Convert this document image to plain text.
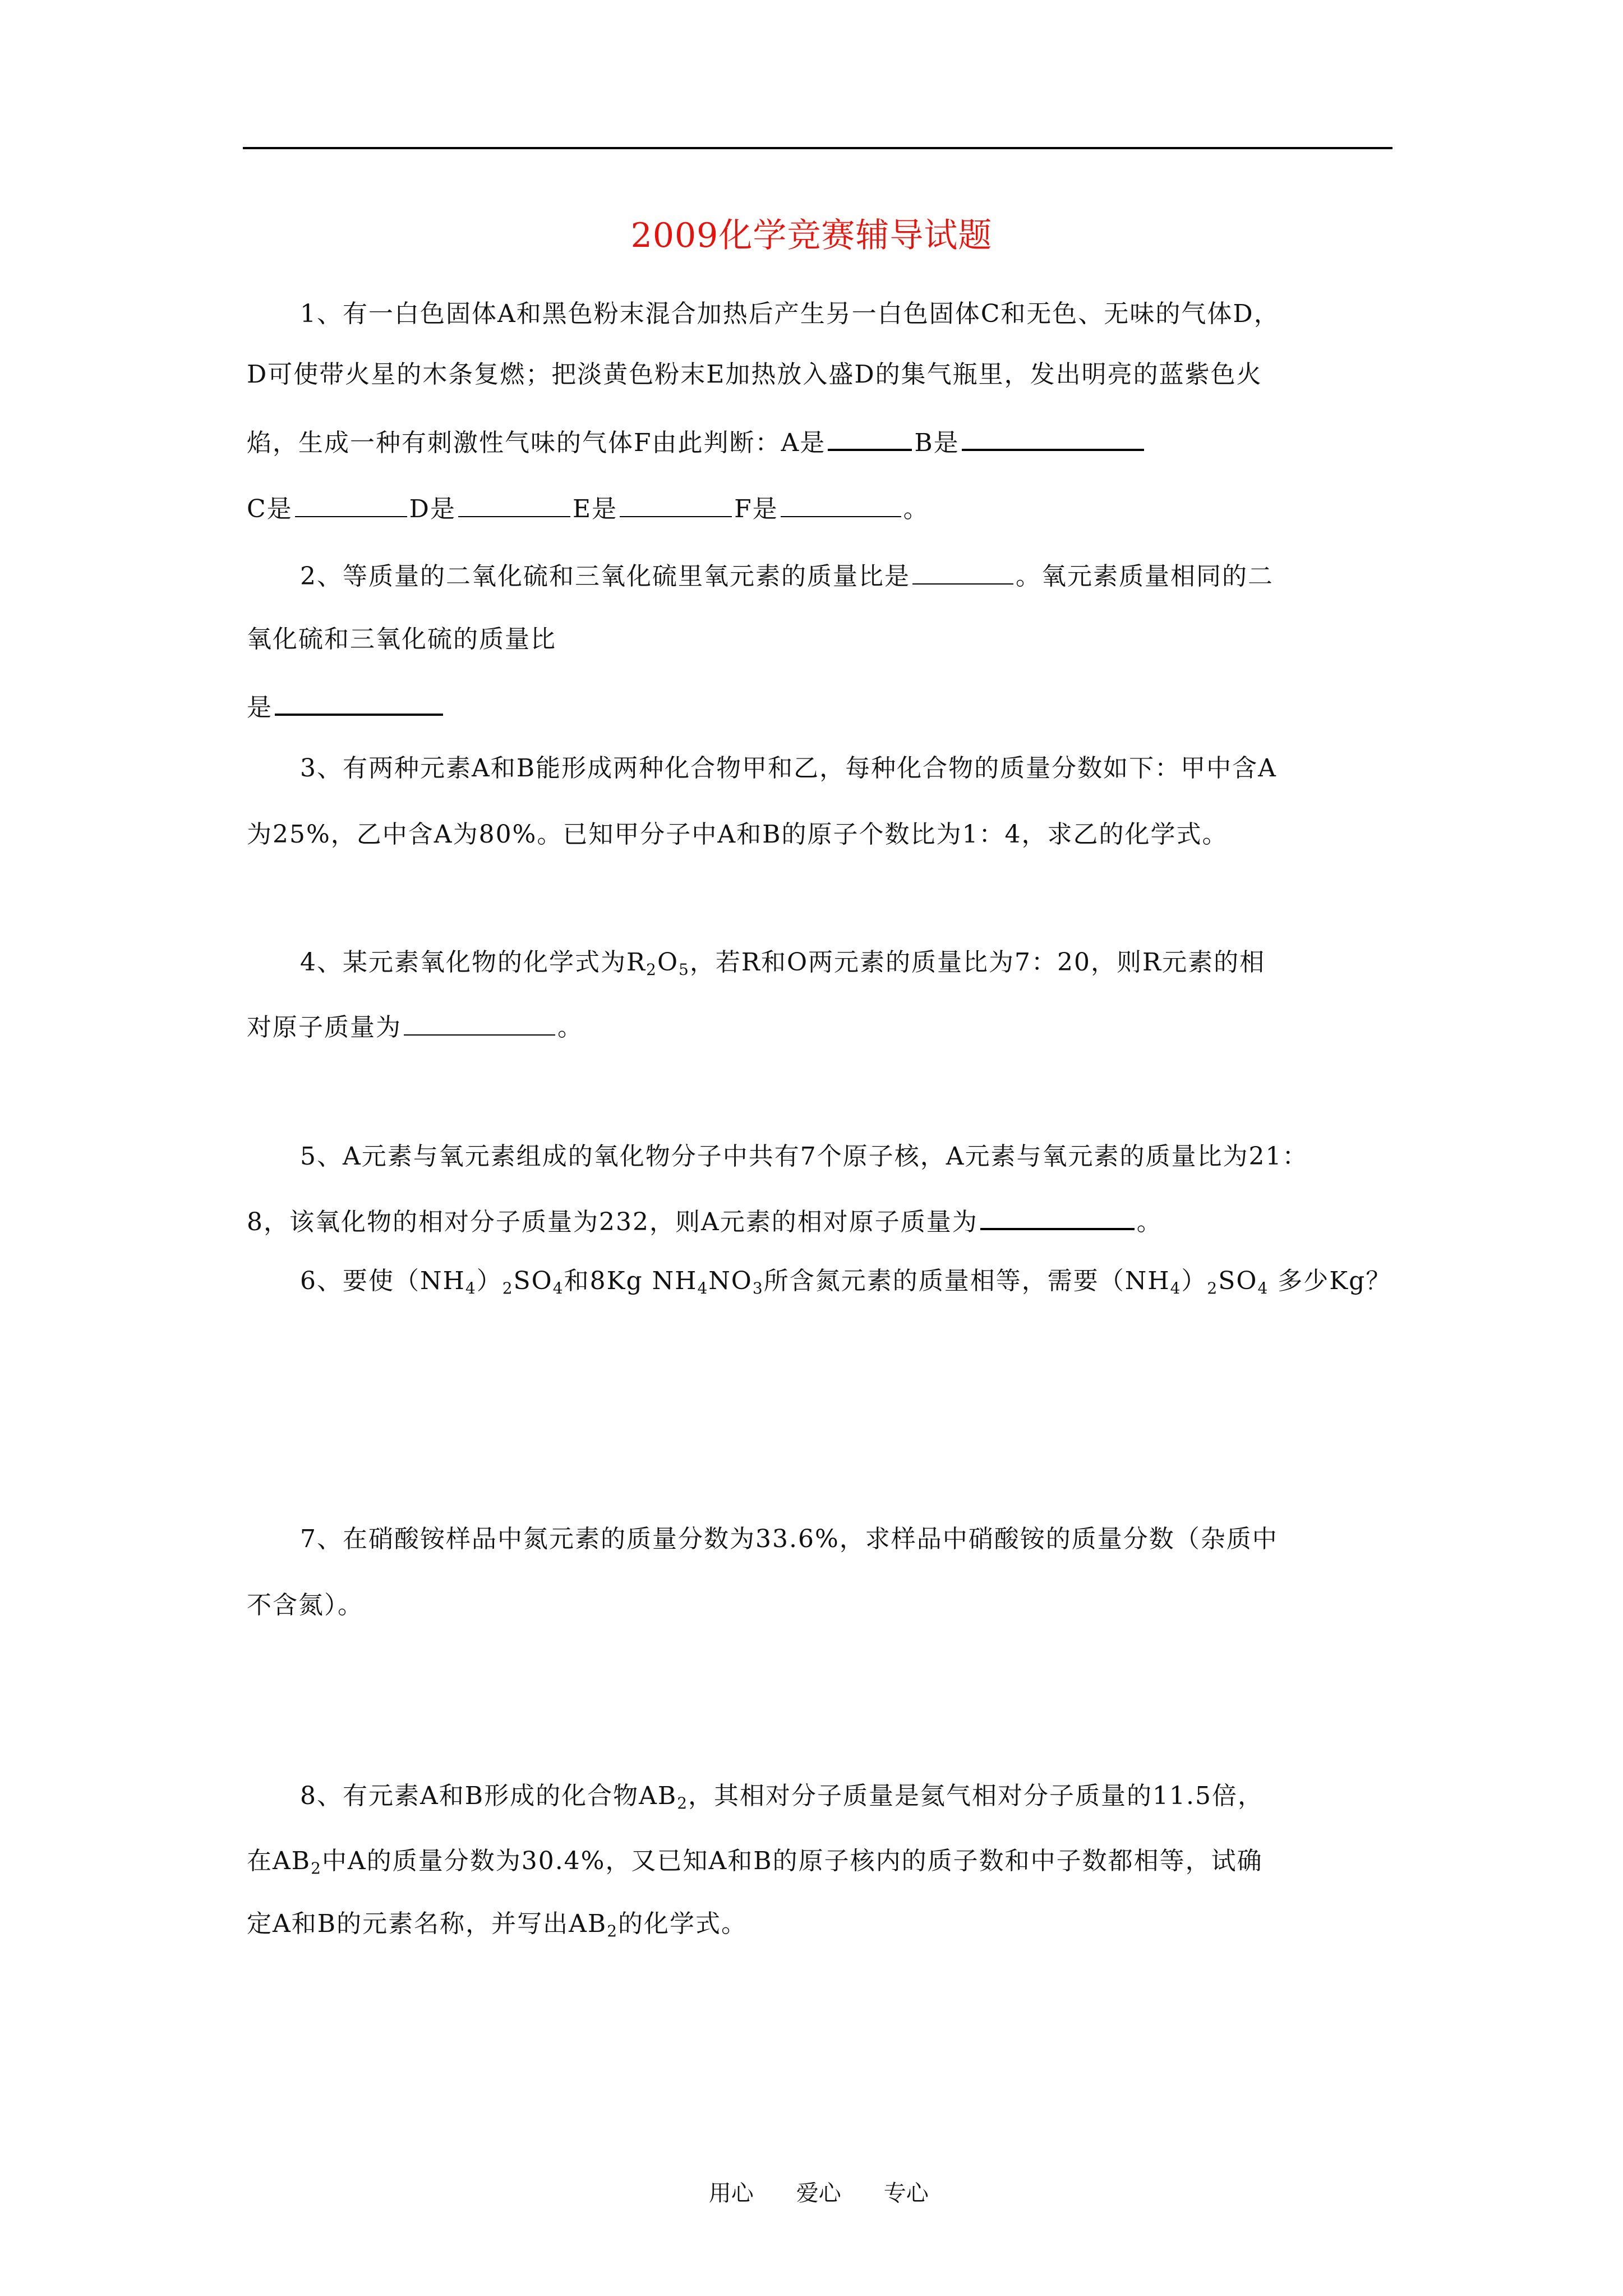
2009化学竞赛辅导试题
1、有一白色固体A和黑色粉末混合加热后产生另一白色固体C和无色、无味的气体D，
D可使带火星的木条复燃；把淡黄色粉末E加热放入盛D的集气瓶里，发出明亮的蓝紫色火
焰，生成一种有刺激性气味的气体F由此判断：A是	B是
C是	D是	E是	F是	。
2、等质量的二氧化硫和三氧化硫里氧元素的质量比是	。氧元素质量相同的二
氧化硫和三氧化硫的质量比
是
3、有两种元素A和B能形成两种化合物甲和乙，每种化合物的质量分数如下：甲中含A
为25%，乙中含A为80%。已知甲分子中A和B的原子个数比为1：4，求乙的化学式。
4、某元素氧化物的化学式为$R_2O_5$，若R和O两元素的质量比为7：20，则R元素的相
对原子质量为	。
5、A元素与氧元素组成的氧化物分子中共有7个原子核，A元素与氧元素的质量比为21：
8，该氧化物的相对分子质量为232，则A元素的相对原子质量为	。
6、要使$(NH_4)_2SO_4$和8Kg $NH_4NO_3$所含氮元素的质量相等，需要$(NH_4)_2SO_4$ 多少Kg？
7、在硝酸铵样品中氮元素的质量分数为33.6%，求样品中硝酸铵的质量分数（杂质中
不含氮）。
8、有元素A和B形成的化合物$AB_2$，其相对分子质量是氦气相对分子质量的11.5倍，
在$AB_2$中A的质量分数为30.4%，又已知A和B的原子核内的质子数和中子数都相等，试确
定A和B的元素名称，并写出$AB_2$的化学式。

用心 爱心 专心
